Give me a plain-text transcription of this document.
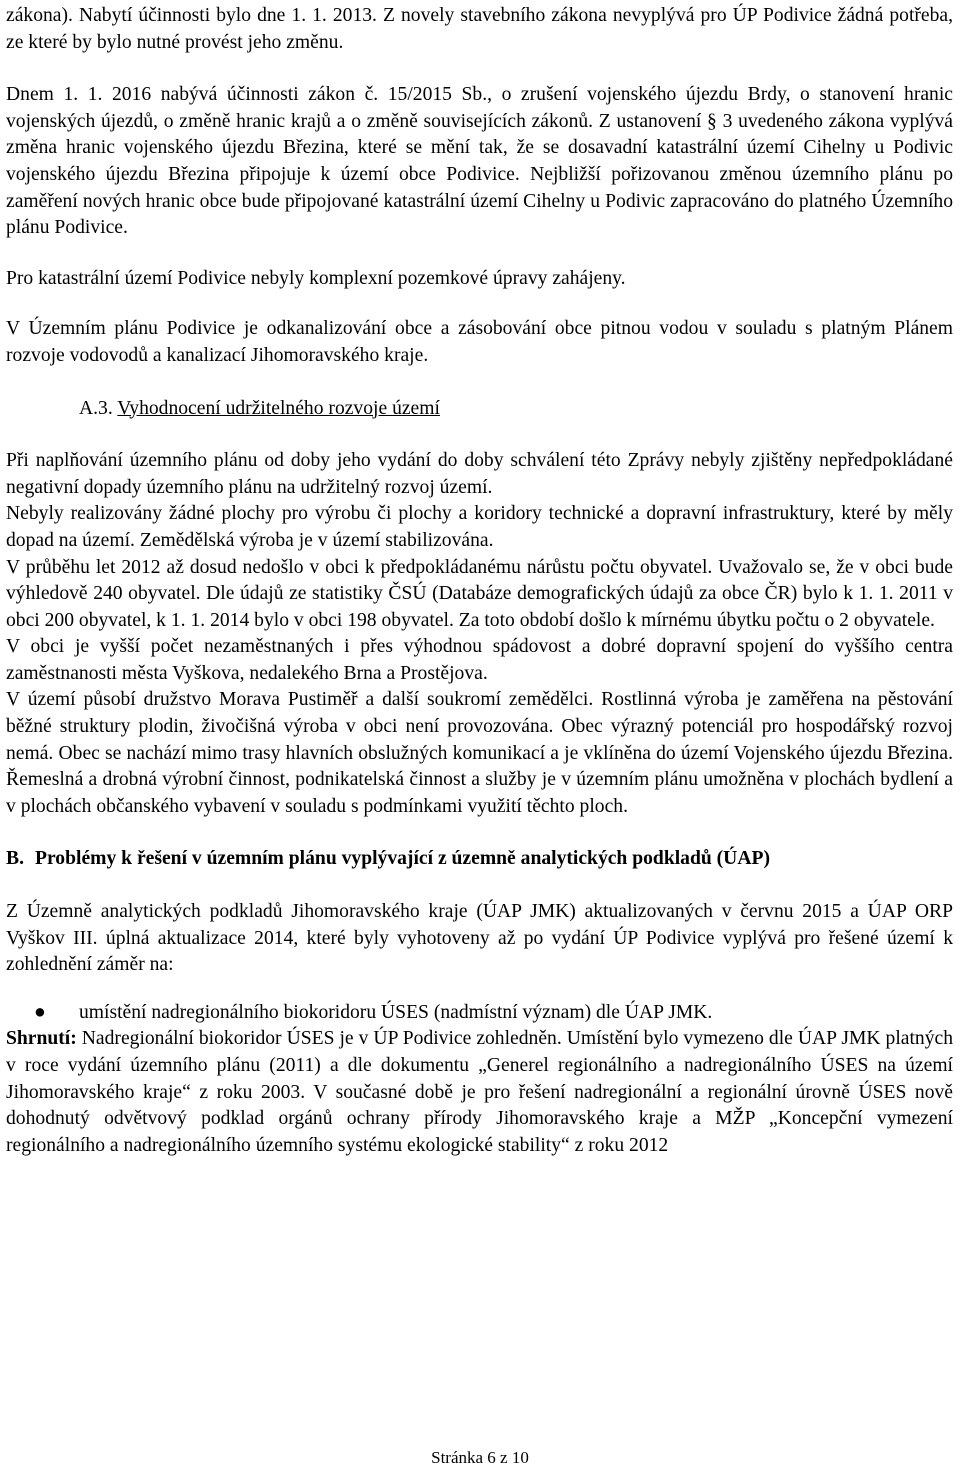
zákona). Nabytí účinnosti bylo dne 1. 1. 2013. Z novely stavebního zákona nevyplývá pro ÚP Podivice žádná potřeba, ze které by bylo nutné provést jeho změnu.

Dnem 1. 1. 2016 nabývá účinnosti zákon č. 15/2015 Sb., o zrušení vojenského újezdu Brdy, o stanovení hranic vojenských újezdů, o změně hranic krajů a o změně souvisejících zákonů. Z ustanovení § 3 uvedeného zákona vyplývá změna hranic vojenského újezdu Březina, které se mění tak, že se dosavadní katastrální území Cihelny u Podivic vojenského újezdu Březina připojuje k území obce Podivice. Nejbližší pořizovanou změnou územního plánu po zaměření nových hranic obce bude připojované katastrální území Cihelny u Podivic zapracováno do platného Územního plánu Podivice.

Pro katastrální území Podivice nebyly komplexní pozemkové úpravy zahájeny.

V Územním plánu Podivice je odkanalizování obce a zásobování obce pitnou vodou v souladu s platným Plánem rozvoje vodovodů a kanalizací Jihomoravského kraje.

A.3. Vyhodnocení udržitelného rozvoje území

Při naplňování územního plánu od doby jeho vydání do doby schválení této Zprávy nebyly zjištěny nepředpokládané negativní dopady územního plánu na udržitelný rozvoj území.

Nebyly realizovány žádné plochy pro výrobu či plochy a koridory technické a dopravní infrastruktury, které by měly dopad na území. Zemědělská výroba je v území stabilizována.

V průběhu let 2012 až dosud nedošlo v obci k předpokládanému nárůstu počtu obyvatel. Uvažovalo se, že v obci bude výhledově 240 obyvatel. Dle údajů ze statistiky ČSÚ (Databáze demografických údajů za obce ČR) bylo k 1. 1. 2011 v obci 200 obyvatel, k 1. 1. 2014 bylo v obci 198 obyvatel. Za toto období došlo k mírnému úbytku počtu o 2 obyvatele.

V obci je vyšší počet nezaměstnaných i přes výhodnou spádovost a dobré dopravní spojení do vyššího centra zaměstnanosti města Vyškova, nedalekého Brna a Prostějova.

V území působí družstvo Morava Pustiměř a další soukromí zemědělci. Rostlinná výroba je zaměřena na pěstování běžné struktury plodin, živočišná výroba v obci není provozována. Obec výrazný potenciál pro hospodářský rozvoj nemá. Obec se nachází mimo trasy hlavních obslužných komunikací a je vklíněna do území Vojenského újezdu Březina. Řemeslná a drobná výrobní činnost, podnikatelská činnost a služby je v územním plánu umožněna v plochách bydlení a v plochách občanského vybavení v souladu s podmínkami využití těchto ploch.

B. Problémy k řešení v územním plánu vyplývající z územně analytických podkladů (ÚAP)

Z Územně analytických podkladů Jihomoravského kraje (ÚAP JMK) aktualizovaných v červnu 2015 a ÚAP ORP Vyškov III. úplná aktualizace 2014, které byly vyhotoveny až po vydání ÚP Podivice vyplývá pro řešené území k zohlednění záměr na:

●	umístění nadregionálního biokoridoru ÚSES (nadmístní význam) dle ÚAP JMK.

Shrnutí: Nadregionální biokoridor ÚSES je v ÚP Podivice zohledněn. Umístění bylo vymezeno dle ÚAP JMK platných v roce vydání územního plánu (2011) a dle dokumentu „Generel regionálního a nadregionálního ÚSES na území Jihomoravského kraje“ z roku 2003. V současné době je pro řešení nadregionální a regionální úrovně ÚSES nově dohodnutý odvětvový podklad orgánů ochrany přírody Jihomoravského kraje a MŽP „Koncepční vymezení regionálního a nadregionálního územního systému ekologické stability“ z roku 2012

Stránka 6 z 10
